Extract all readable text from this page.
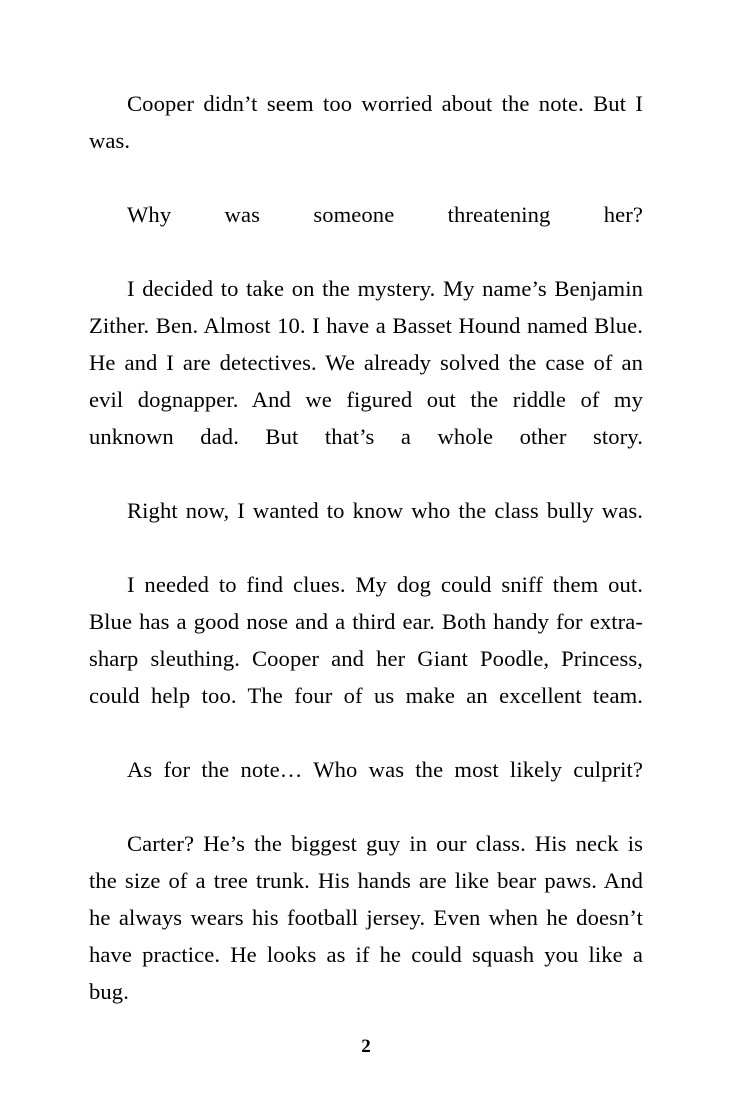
Cooper didn’t seem too worried about the note. But I was.

Why was someone threatening her?

I decided to take on the mystery. My name’s Benjamin Zither. Ben. Almost 10. I have a Basset Hound named Blue. He and I are detectives. We already solved the case of an evil dognapper. And we figured out the riddle of my unknown dad. But that’s a whole other story.

Right now, I wanted to know who the class bully was.

I needed to find clues. My dog could sniff them out. Blue has a good nose and a third ear. Both handy for extra-sharp sleuthing. Cooper and her Giant Poodle, Princess, could help too. The four of us make an excellent team.

As for the note… Who was the most likely culprit?

Carter? He’s the biggest guy in our class. His neck is the size of a tree trunk. His hands are like bear paws. And he always wears his football jersey. Even when he doesn’t have practice. He looks as if he could squash you like a bug.

2
